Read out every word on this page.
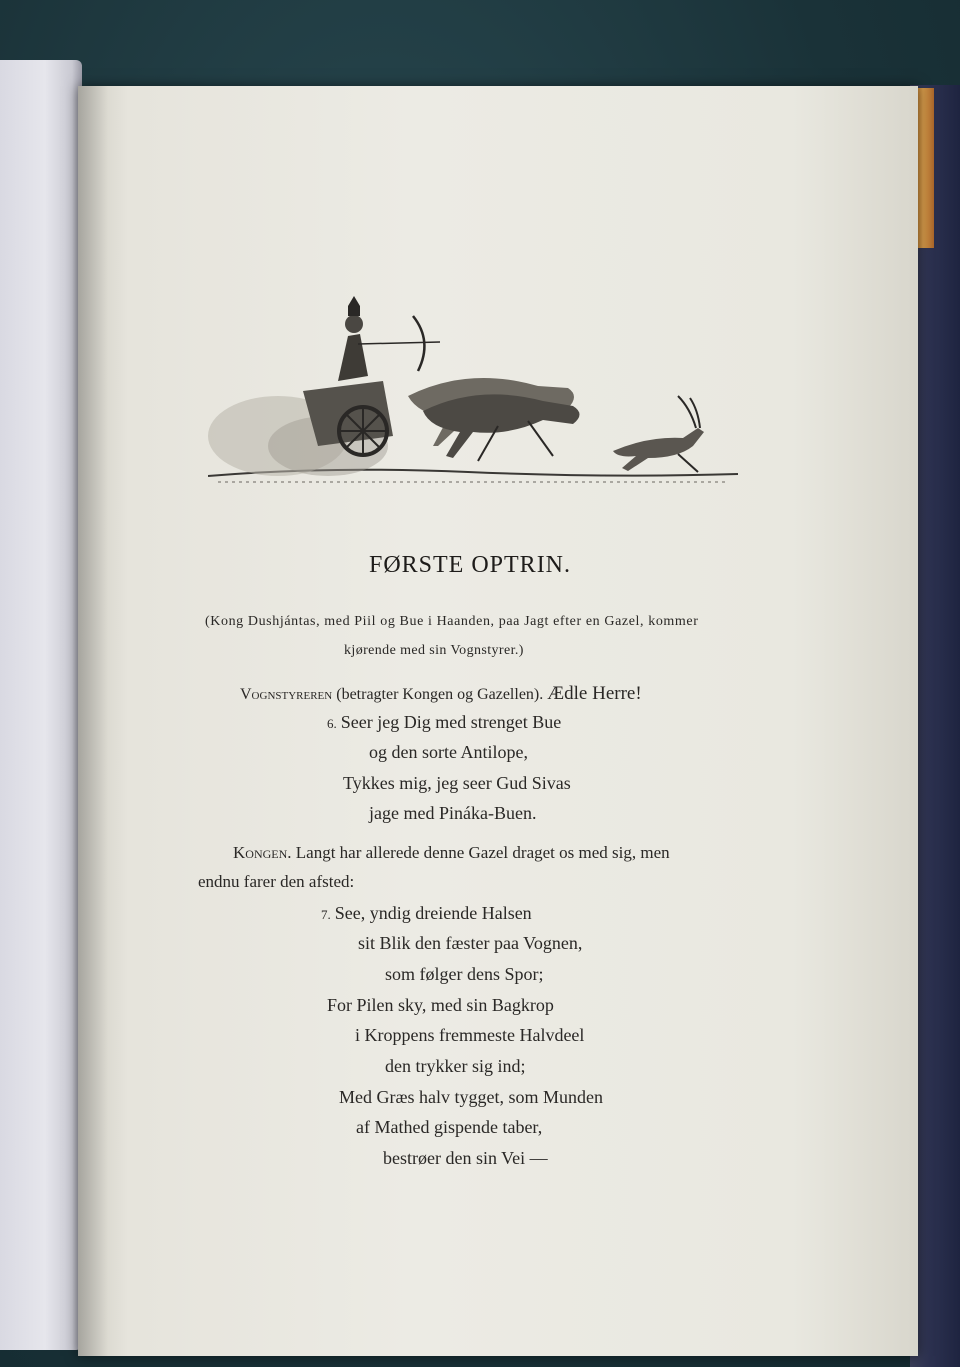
FØRSTE OPTRIN.
(Kong Dushjántas, med Piil og Bue i Haanden, paa Jagt efter en Gazel, kommer
kjørende med sin Vognstyrer.)
Vognstyreren (betragter Kongen og Gazellen). Ædle Herre!
6. Seer jeg Dig med strenget Bue
og den sorte Antilope,
Tykkes mig, jeg seer Gud Sivas
jage med Pináka-Buen.
Kongen. Langt har allerede denne Gazel draget os med sig, men
endnu farer den afsted:
7. See, yndig dreiende Halsen
sit Blik den fæster paa Vognen,
som følger dens Spor;
For Pilen sky, med sin Bagkrop
i Kroppens fremmeste Halvdeel
den trykker sig ind;
Med Græs halv tygget, som Munden
af Mathed gispende taber,
bestrøer den sin Vei —
